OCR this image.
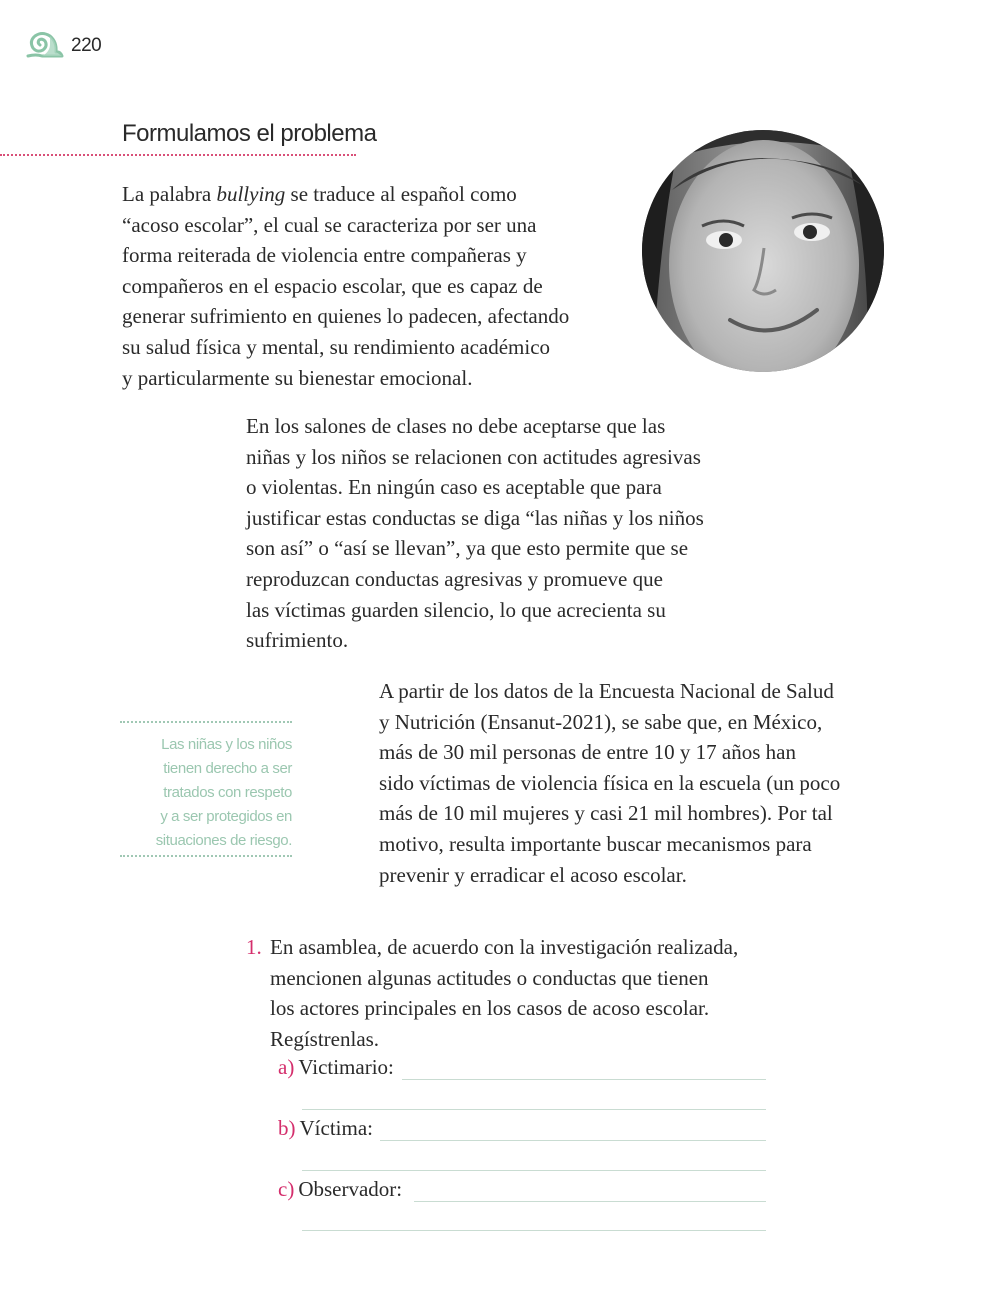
220
Formulamos el problema

La palabra bullying se traduce al español como

“acoso escolar”, el cual se caracteriza por ser una

forma reiterada de violencia entre compañeras y

compañeros en el espacio escolar, que es capaz de

generar sufrimiento en quienes lo padecen, afectando

su salud física y mental, su rendimiento académico

y particularmente su bienestar emocional.

En los salones de clases no debe aceptarse que las

niñas y los niños se relacionen con actitudes agresivas

o violentas. En ningún caso es aceptable que para

justificar estas conductas se diga “las niñas y los niños

son así” o “así se llevan”, ya que esto permite que se

reproduzcan conductas agresivas y promueve que

las víctimas guarden silencio, lo que acrecienta su

sufrimiento.

Las niñas y los niños

tienen derecho a ser

tratados con respeto

y a ser protegidos en

situaciones de riesgo.

A partir de los datos de la Encuesta Nacional de Salud

y Nutrición (Ensanut-2021), se sabe que, en México,

más de 30 mil personas de entre 10 y 17 años han

sido víctimas de violencia física en la escuela (un poco

más de 10 mil mujeres y casi 21 mil hombres). Por tal

motivo, resulta importante buscar mecanismos para

prevenir y erradicar el acoso escolar.

1. En asamblea, de acuerdo con la investigación realizada,

mencionen algunas actitudes o conductas que tienen

los actores principales en los casos de acoso escolar.

Regístrenlas.

a) Victimario:
b) Víctima:
c) Observador:
